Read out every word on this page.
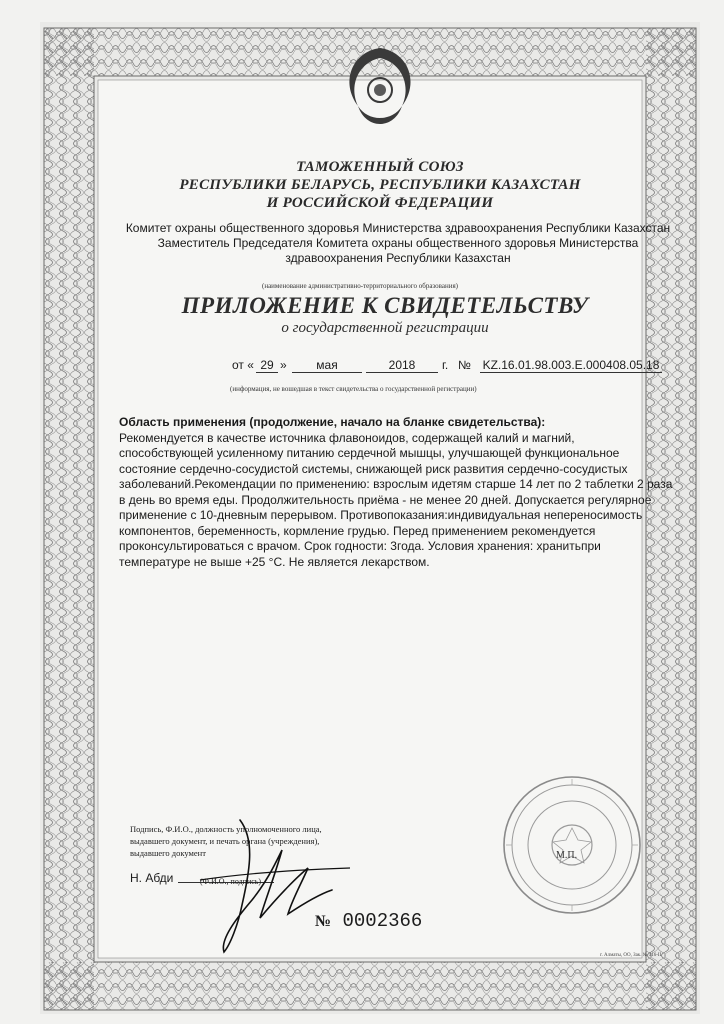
ТАМОЖЕННЫЙ СОЮЗ
РЕСПУБЛИКИ БЕЛАРУСЬ, РЕСПУБЛИКИ КАЗАХСТАН
И РОССИЙСКОЙ ФЕДЕРАЦИИ
Комитет охраны общественного здоровья Министерства здравоохранения Республики Казахстан
Заместитель Председателя Комитета охраны общественного здоровья Министерства
здравоохранения Республики Казахстан
(наименование административно-территориального образования)
ПРИЛОЖЕНИЕ К СВИДЕТЕЛЬСТВУ
о государственной регистрации
от « 29 »	мая	2018	г. № KZ.16.01.98.003.E.000408.05.18
(информация, не вошедшая в текст свидетельства о государственной регистрации)
Область применения (продолжение, начало на бланке свидетельства):
Рекомендуется в качестве источника флавоноидов, содержащей калий и магний,
способствующей усиленному питанию сердечной мышцы, улучшающей функциональное
состояние сердечно-сосудистой системы, снижающей риск развития сердечно-сосудистых
заболеваний.Рекомендации по применению: взрослым идетям старше 14 лет по 2 таблетки 2 раза
в день во время еды. Продолжительность приёма - не менее 20 дней. Допускается регулярное
применение с 10-дневным перерывом. Противопоказания:индивидуальная непереносимость
компонентов, беременность, кормление грудью. Перед применением рекомендуется
проконсультироваться с врачом. Срок годности: 3года. Условия хранения: хранитьпри
температуре не выше +25 °С. Не является лекарством.
Подпись, Ф.И.О., должность уполномоченного лица,
выдавшего документ, и печать органа (учреждения),
выдавшего документ
Н. Абди	(Ф.И.О., подпись)
№ 0002366
М.П.
г. Алматы, ОО, Зак. № 316-II
